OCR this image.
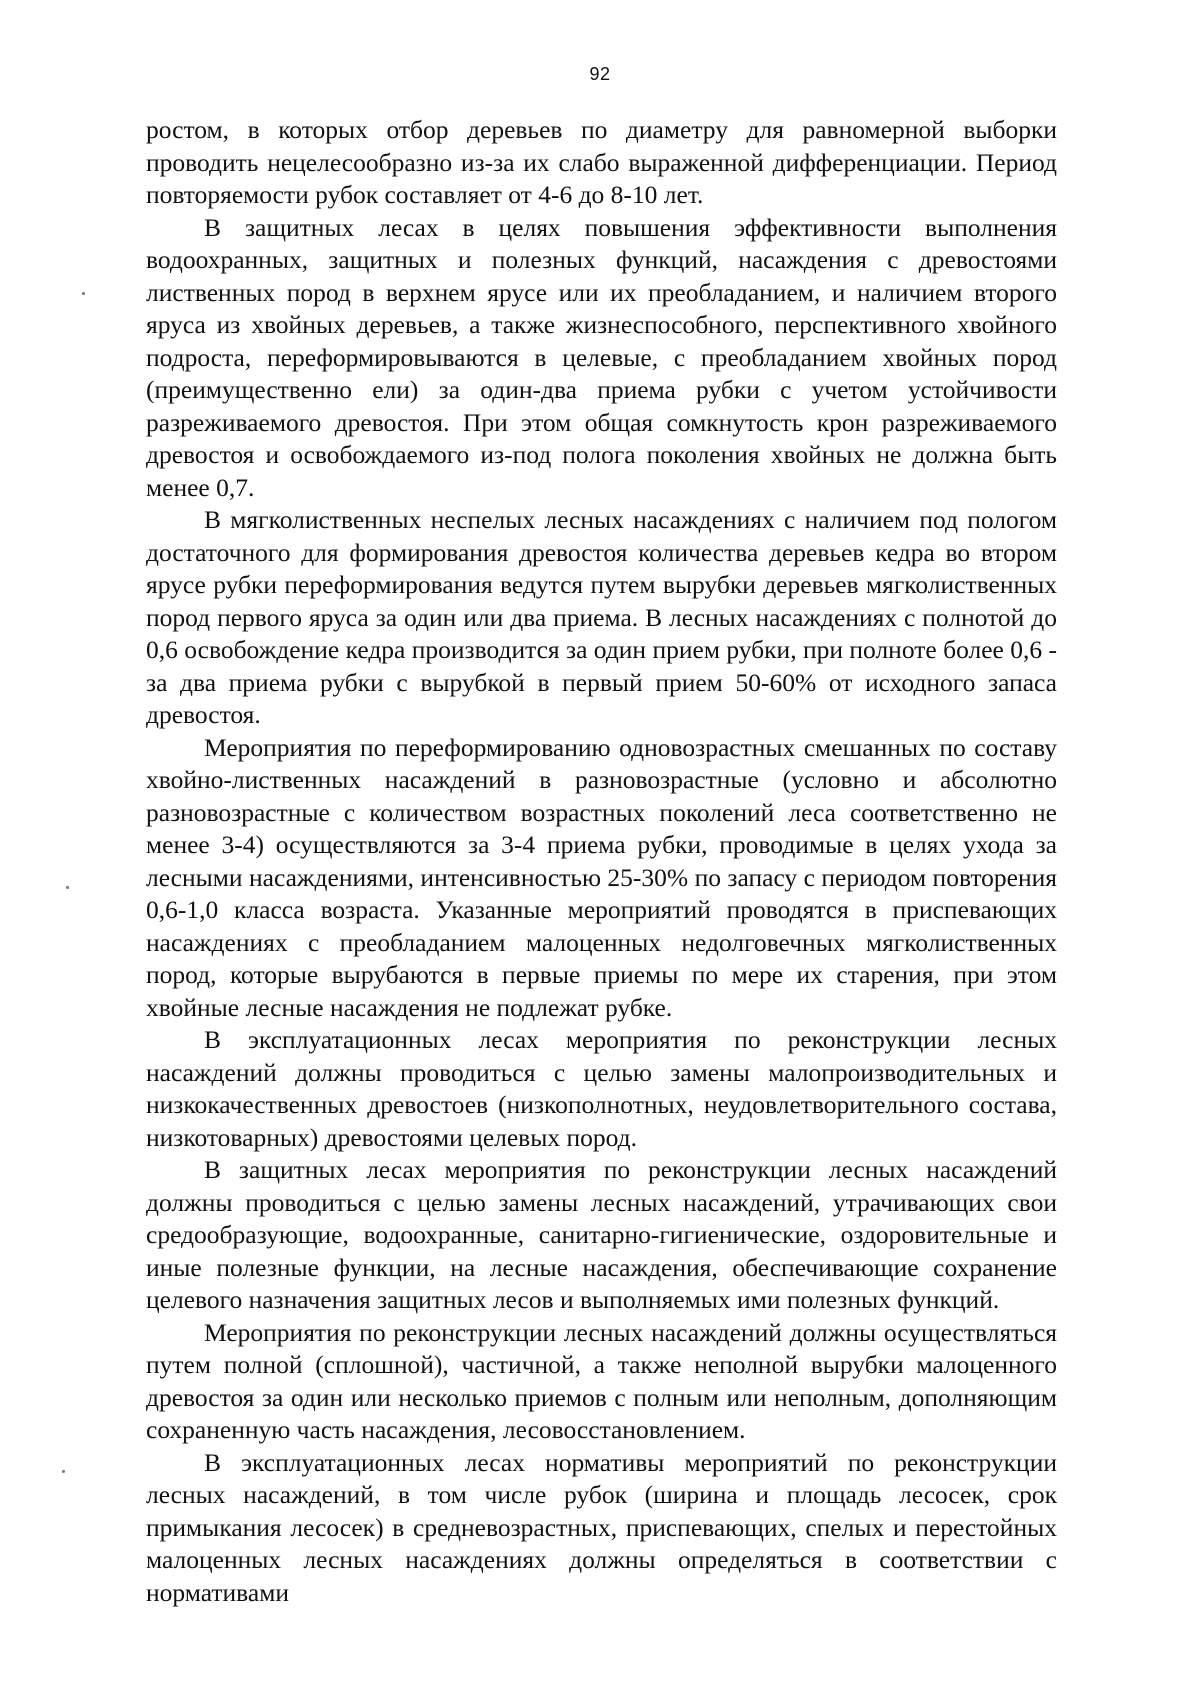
92

ростом, в которых отбор деревьев по диаметру для равномерной выборки проводить нецелесообразно из-за их слабо выраженной дифференциации. Период повторяемости рубок составляет от 4-6 до 8-10 лет.

В защитных лесах в целях повышения эффективности выполнения водоохранных, защитных и полезных функций, насаждения с древостоями лиственных пород в верхнем ярусе или их преобладанием, и наличием второго яруса из хвойных деревьев, а также жизнеспособного, перспективного хвойного подроста, переформировываются в целевые, с преобладанием хвойных пород (преимущественно ели) за один-два приема рубки с учетом устойчивости разреживаемого древостоя. При этом общая сомкнутость крон разреживаемого древостоя и освобождаемого из-под полога поколения хвойных не должна быть менее 0,7.

В мягколиственных неспелых лесных насаждениях с наличием под пологом достаточного для формирования древостоя количества деревьев кедра во втором ярусе рубки переформирования ведутся путем вырубки деревьев мягколиственных пород первого яруса за один или два приема. В лесных насаждениях с полнотой до 0,6 освобождение кедра производится за один прием рубки, при полноте более 0,6 - за два приема рубки с вырубкой в первый прием 50-60% от исходного запаса древостоя.

Мероприятия по переформированию одновозрастных смешанных по составу хвойно-лиственных насаждений в разновозрастные (условно и абсолютно разновозрастные с количеством возрастных поколений леса соответственно не менее 3-4) осуществляются за 3-4 приема рубки, проводимые в целях ухода за лесными насаждениями, интенсивностью 25-30% по запасу с периодом повторения 0,6-1,0 класса возраста. Указанные мероприятий проводятся в приспевающих насаждениях с преобладанием малоценных недолговечных мягколиственных пород, которые вырубаются в первые приемы по мере их старения, при этом хвойные лесные насаждения не подлежат рубке.

В эксплуатационных лесах мероприятия по реконструкции лесных насаждений должны проводиться с целью замены малопроизводительных и низкокачественных древостоев (низкополнотных, неудовлетворительного состава, низкотоварных) древостоями целевых пород.

В защитных лесах мероприятия по реконструкции лесных насаждений должны проводиться с целью замены лесных насаждений, утрачивающих свои средообразующие, водоохранные, санитарно-гигиенические, оздоровительные и иные полезные функции, на лесные насаждения, обеспечивающие сохранение целевого назначения защитных лесов и выполняемых ими полезных функций.

Мероприятия по реконструкции лесных насаждений должны осуществляться путем полной (сплошной), частичной, а также неполной вырубки малоценного древостоя за один или несколько приемов с полным или неполным, дополняющим сохраненную часть насаждения, лесовосстановлением.

В эксплуатационных лесах нормативы мероприятий по реконструкции лесных насаждений, в том числе рубок (ширина и площадь лесосек, срок примыкания лесосек) в средневозрастных, приспевающих, спелых и перестойных малоценных лесных насаждениях должны определяться в соответствии с нормативами
